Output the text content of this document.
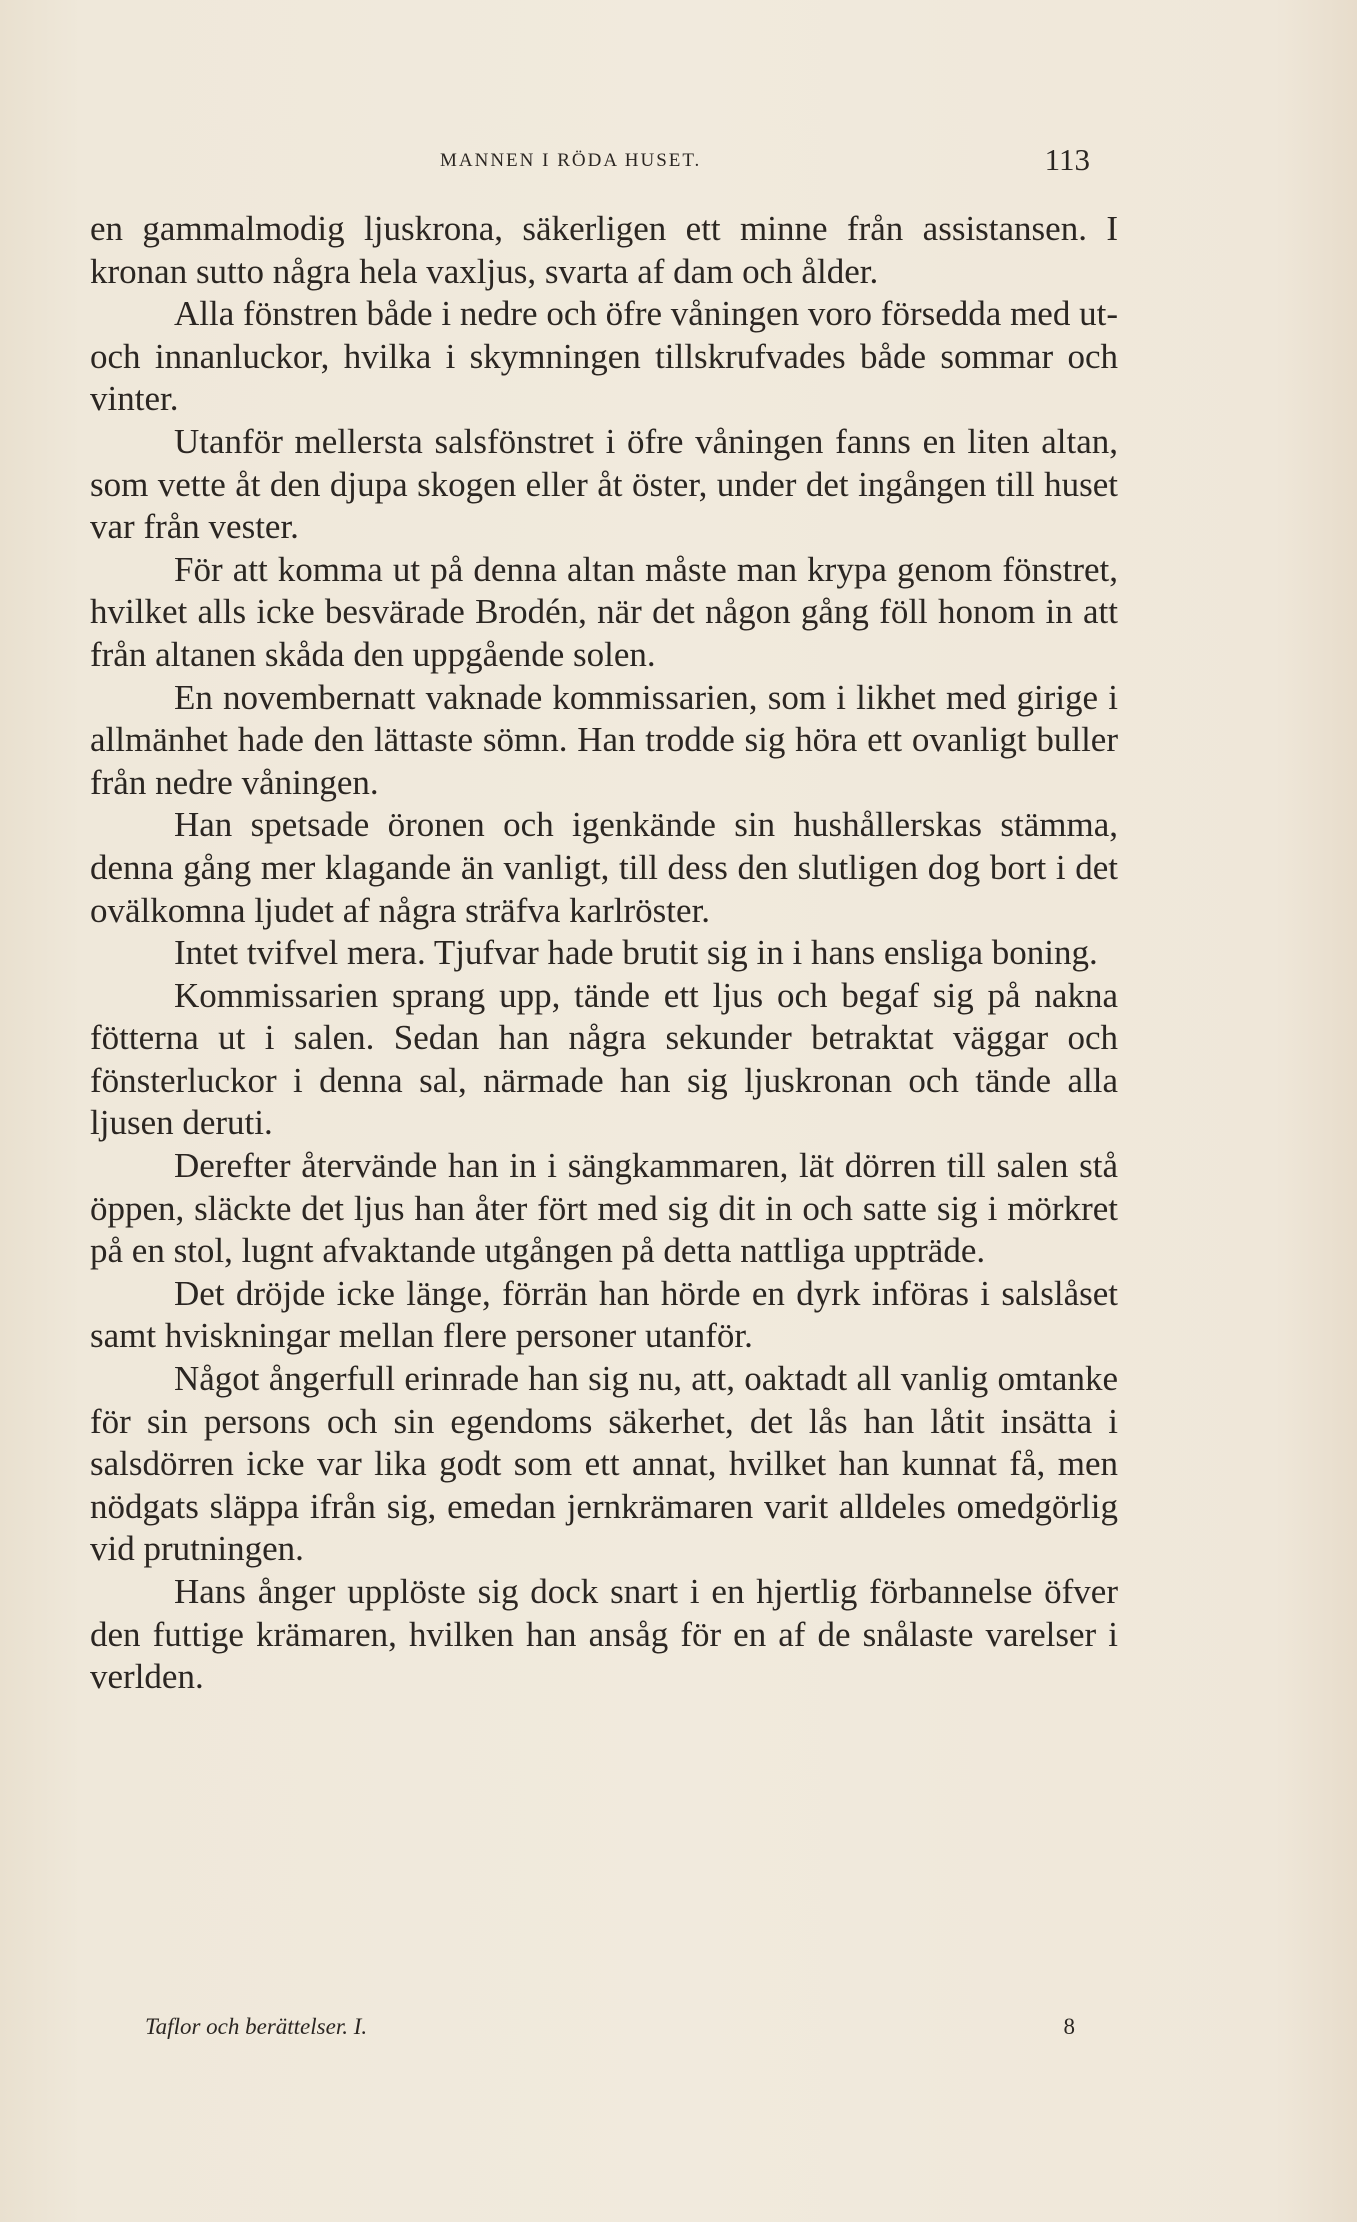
MANNEN I RÖDA HUSET.	113

en gammalmodig ljuskrona, säkerligen ett minne från assistansen. I kronan sutto några hela vaxljus, svarta af dam och ålder.

Alla fönstren både i nedre och öfre våningen voro försedda med ut- och innanluckor, hvilka i skymningen tillskrufvades både sommar och vinter.

Utanför mellersta salsfönstret i öfre våningen fanns en liten altan, som vette åt den djupa skogen eller åt öster, under det ingången till huset var från vester.

För att komma ut på denna altan måste man krypa genom fönstret, hvilket alls icke besvärade Brodén, när det någon gång föll honom in att från altanen skåda den uppgående solen.

En novembernatt vaknade kommissarien, som i likhet med girige i allmänhet hade den lättaste sömn. Han trodde sig höra ett ovanligt buller från nedre våningen.

Han spetsade öronen och igenkände sin hushållerskas stämma, denna gång mer klagande än vanligt, till dess den slutligen dog bort i det ovälkomna ljudet af några sträfva karlröster.

Intet tvifvel mera. Tjufvar hade brutit sig in i hans ensliga boning.

Kommissarien sprang upp, tände ett ljus och begaf sig på nakna fötterna ut i salen. Sedan han några sekunder betraktat väggar och fönsterluckor i denna sal, närmade han sig ljuskronan och tände alla ljusen deruti.

Derefter återvände han in i sängkammaren, lät dörren till salen stå öppen, släckte det ljus han åter fört med sig dit in och satte sig i mörkret på en stol, lugnt afvaktande utgången på detta nattliga uppträde.

Det dröjde icke länge, förrän han hörde en dyrk införas i salslåset samt hviskningar mellan flere personer utanför.

Något ångerfull erinrade han sig nu, att, oaktadt all vanlig omtanke för sin persons och sin egendoms säkerhet, det lås han låtit insätta i salsdörren icke var lika godt som ett annat, hvilket han kunnat få, men nödgats släppa ifrån sig, emedan jernkrämaren varit alldeles omedgörlig vid prutningen.

Hans ånger upplöste sig dock snart i en hjertlig förbannelse öfver den futtige krämaren, hvilken han ansåg för en af de snålaste varelser i verlden.

Taflor och berättelser. I.	8
